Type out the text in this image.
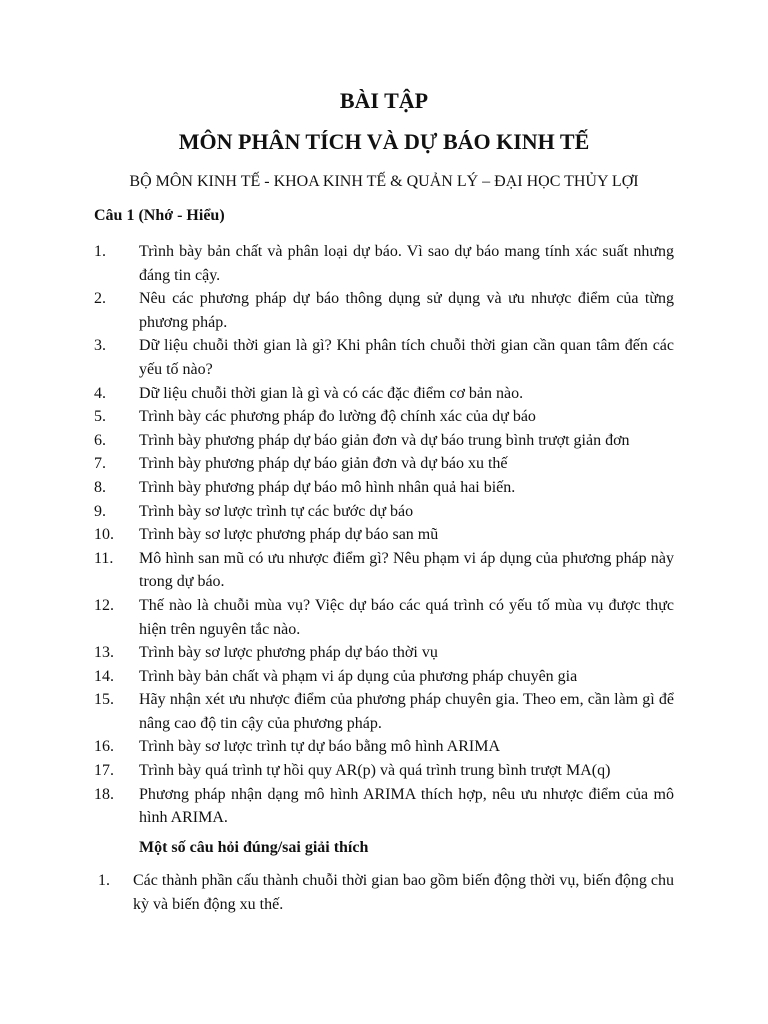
BÀI TẬP
MÔN PHÂN TÍCH VÀ DỰ BÁO KINH TẾ

BỘ MÔN KINH TẾ - KHOA KINH TẾ & QUẢN LÝ – ĐẠI HỌC THỦY LỢI

Câu 1 (Nhớ - Hiểu)

1.	Trình bày bản chất và phân loại dự báo. Vì sao dự báo mang tính xác suất nhưng đáng tin cậy.
2.	Nêu các phương pháp dự báo thông dụng sử dụng và ưu nhược điểm của từng phương pháp.
3.	Dữ liệu chuỗi thời gian là gì? Khi phân tích chuỗi thời gian cần quan tâm đến các yếu tố nào?
4.	Dữ liệu chuỗi thời gian là gì và có các đặc điểm cơ bản nào.
5.	Trình bày các phương pháp đo lường độ chính xác của dự báo
6.	Trình bày phương pháp dự báo giản đơn và dự báo trung bình trượt giản đơn
7.	Trình bày phương pháp dự báo giản đơn và dự báo xu thế
8.	Trình bày phương pháp dự báo mô hình nhân quả hai biến.
9.	Trình bày sơ lược trình tự các bước dự báo
10.	Trình bày sơ lược phương pháp dự báo san mũ
11.	Mô hình san mũ có ưu nhược điểm gì? Nêu phạm vi áp dụng của phương pháp này trong dự báo.
12.	Thế nào là chuỗi mùa vụ? Việc dự báo các quá trình có yếu tố mùa vụ được thực hiện trên nguyên tắc nào.
13.	Trình bày sơ lược phương pháp dự báo thời vụ
14.	Trình bày bản chất và phạm vi áp dụng của phương pháp chuyên gia
15.	Hãy nhận xét ưu nhược điểm của phương pháp chuyên gia. Theo em, cần làm gì để nâng cao độ tin cậy của phương pháp.
16.	Trình bày sơ lược trình tự dự báo bằng mô hình ARIMA
17.	Trình bày quá trình tự hồi quy AR(p) và quá trình trung bình trượt MA(q)
18.	Phương pháp nhận dạng mô hình ARIMA thích hợp, nêu ưu nhược điểm của mô hình ARIMA.

Một số câu hỏi đúng/sai giải thích

1. Các thành phần cấu thành chuỗi thời gian bao gồm biến động thời vụ, biến động chu kỳ và biến động xu thế.
